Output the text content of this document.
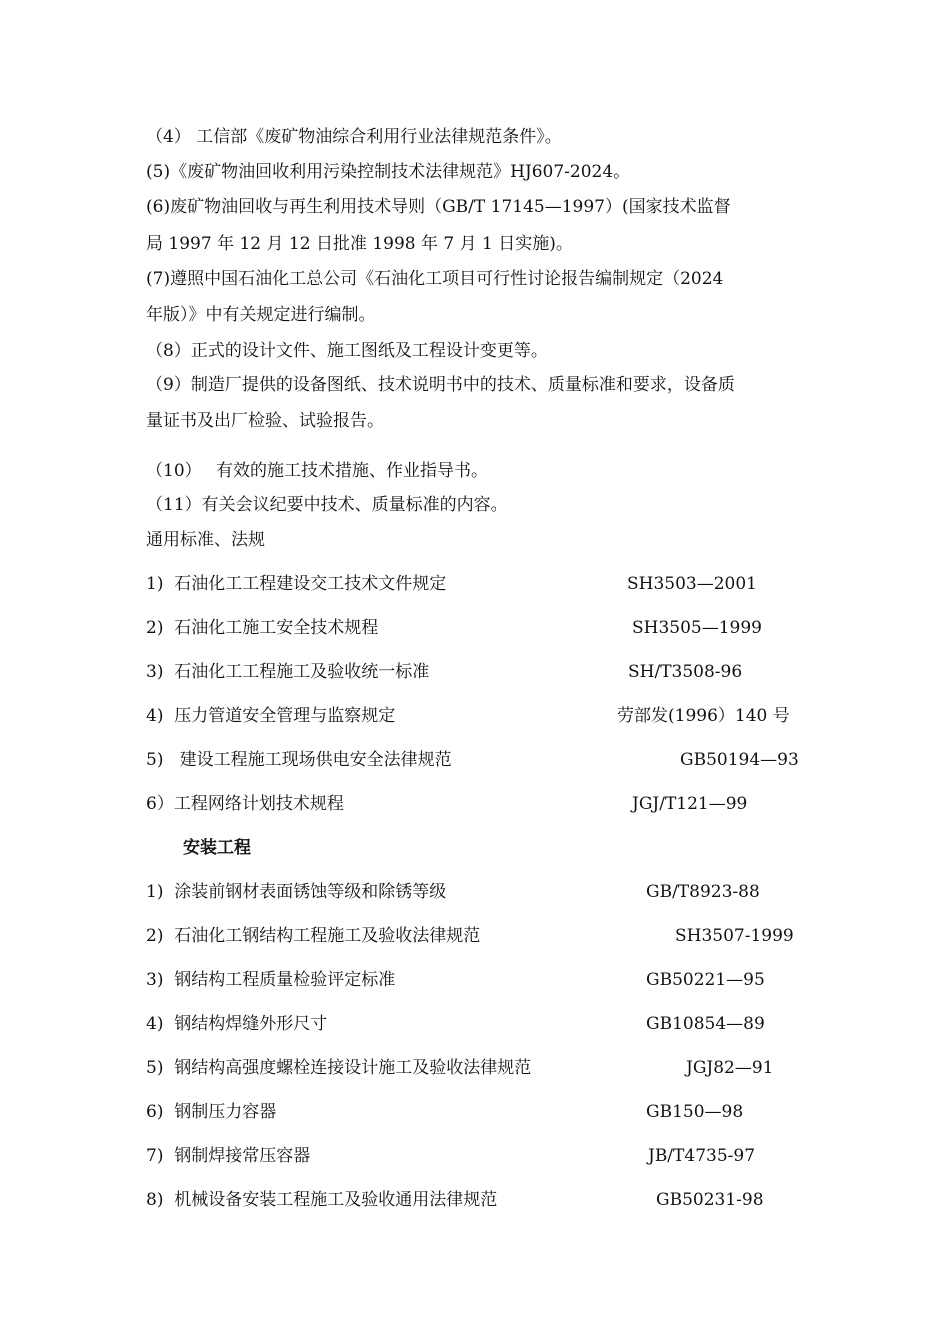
（4） 工信部《废矿物油综合利用行业法律规范条件》。
(5)《废矿物油回收利用污染控制技术法律规范》HJ607-2024。
(6)废矿物油回收与再生利用技术导则（GB/T 17145—1997）(国家技术监督
局 1997 年 12 月 12 日批准 1998 年 7 月 1 日实施)。
(7)遵照中国石油化工总公司《石油化工项目可行性讨论报告编制规定（2024
年版）》中有关规定进行编制。
（8）正式的设计文件、施工图纸及工程设计变更等。
（9）制造厂提供的设备图纸、技术说明书中的技术、质量标准和要求，设备质
量证书及出厂检验、试验报告。
（10） 有效的施工技术措施、作业指导书。
（11）有关会议纪要中技术、质量标准的内容。
通用标准、法规
1)  石油化工工程建设交工技术文件规定	SH3503—2001
2)  石油化工施工安全技术规程	SH3505—1999
3)  石油化工工程施工及验收统一标准	SH/T3508-96
4)  压力管道安全管理与监察规定	劳部发(1996）140 号
5)   建设工程施工现场供电安全法律规范	GB50194—93
6）工程网络计划技术规程	JGJ/T121—99
安装工程
1)  涂装前钢材表面锈蚀等级和除锈等级	GB/T8923-88
2)  石油化工钢结构工程施工及验收法律规范	SH3507-1999
3)  钢结构工程质量检验评定标准	GB50221—95
4)  钢结构焊缝外形尺寸	GB10854—89
5)  钢结构高强度螺栓连接设计施工及验收法律规范	JGJ82—91
6)  钢制压力容器	GB150—98
7)  钢制焊接常压容器	JB/T4735-97
8)  机械设备安装工程施工及验收通用法律规范	GB50231-98
